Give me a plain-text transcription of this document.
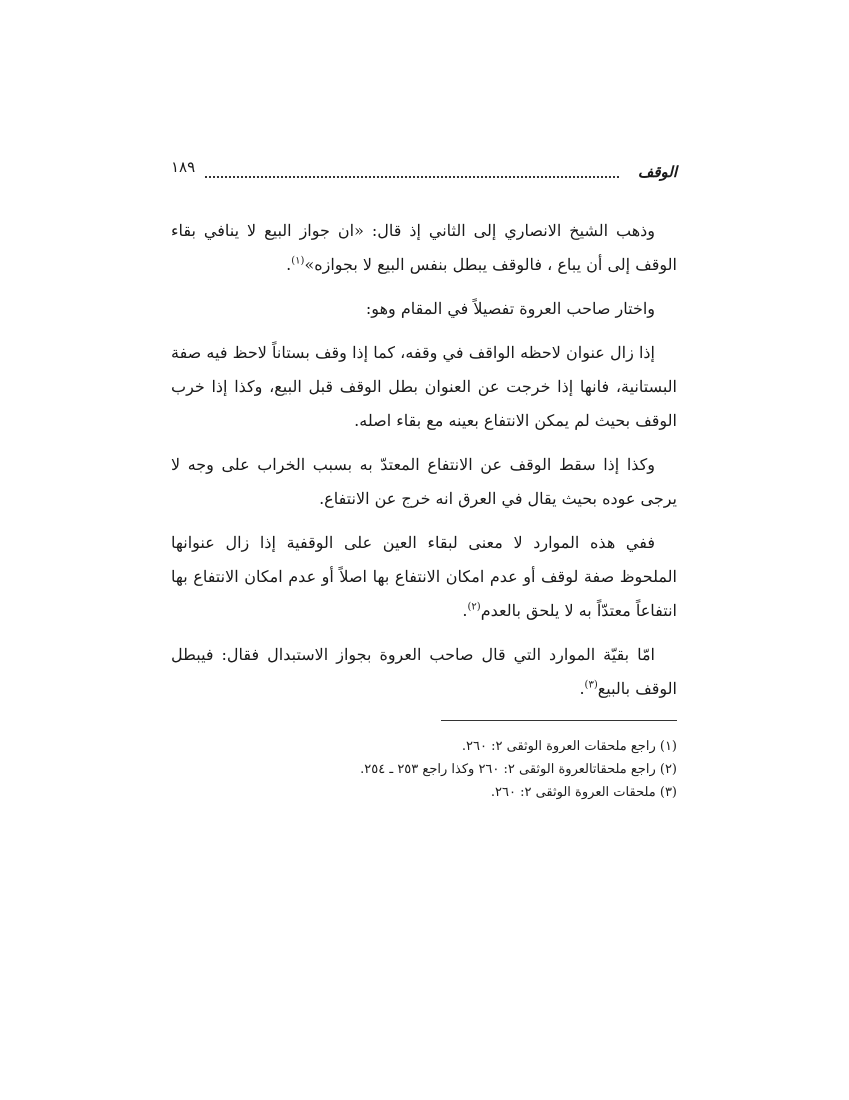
الوقف
١٨٩

وذهب الشيخ الانصاري إلى الثاني إذ قال: «ان جواز البيع لا ينافي بقاء الوقف إلى أن يباع ، فالوقف يبطل بنفس البيع لا بجوازه»$^{(١)}$.

واختار صاحب العروة تفصيلاً في المقام وهو:

إذا زال عنوان لاحظه الواقف في وقفه، كما إذا وقف بستاناً لاحظ فيه صفة البستانية، فانها إذا خرجت عن العنوان بطل الوقف قبل البيع، وكذا إذا خرب الوقف بحيث لم يمكن الانتفاع بعينه مع بقاء اصله.

وكذا إذا سقط الوقف عن الانتفاع المعتدّ به بسبب الخراب على وجه لا يرجى عوده بحيث يقال في العرق انه خرج عن الانتفاع.

ففي هذه الموارد لا معنى لبقاء العين على الوقفية إذا زال عنوانها الملحوظ صفة لوقف أو عدم امكان الانتفاع بها اصلاً أو عدم امكان الانتفاع بها انتفاعاً معتدّاً به لا يلحق بالعدم$^{(٢)}$.

امّا بقيّة الموارد التي قال صاحب العروة بجواز الاستبدال فقال: فيبطل الوقف بالبيع$^{(٣)}$.

(١) راجع ملحقات العروة الوثقى ٢: ٢٦٠.

(٢) راجع ملحقاتالعروة الوثقى ٢: ٢٦٠ وكذا راجع ٢٥٣ ـ ٢٥٤.

(٣) ملحقات العروة الوثقى ٢: ٢٦٠.
